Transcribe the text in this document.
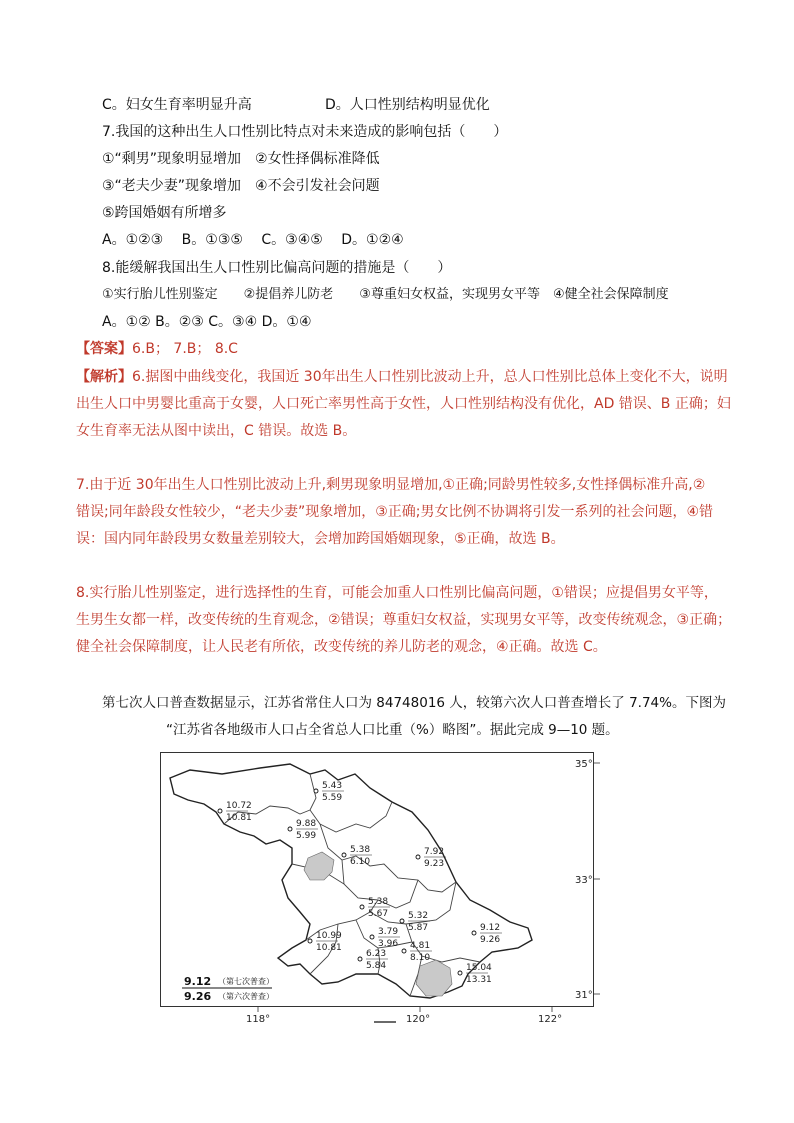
C。妇女生育率明显升高	D。人口性别结构明显优化
7.我国的这种出生人口性别比特点对未来造成的影响包括（　　）
①“剩男”现象明显增加　②女性择偶标准降低
③“老夫少妻”现象增加　④不会引发社会问题
⑤跨国婚姻有所增多
A。①②③　 B。①③⑤　 C。③④⑤　 D。①②④
8.能缓解我国出生人口性别比偏高问题的措施是（　　）
①实行胎儿性别鉴定　　②提倡养儿防老　　③尊重妇女权益，实现男女平等　④健全社会保障制度
A。①② B。②③ C。③④ D。①④
【答案】6.B； 7.B； 8.C
【解析】6.据图中曲线变化，我国近 30年出生人口性别比波动上升，总人口性别比总体上变化不大，说明
出生人口中男婴比重高于女婴，人口死亡率男性高于女性，人口性别结构没有优化，AD 错误、B 正确；妇
女生育率无法从图中读出，C 错误。故选 B。
7.由于近 30年出生人口性别比波动上升,剩男现象明显增加,①正确;同龄男性较多,女性择偶标准升高,②
错误;同年龄段女性较少，“老夫少妻”现象增加，③正确;男女比例不协调将引发一系列的社会问题，④错
误：国内同年龄段男女数量差别较大，会增加跨国婚姻现象，⑤正确，故选 B。
8.实行胎儿性别鉴定，进行选择性的生育，可能会加重人口性别比偏高问题，①错误；应提倡男女平等，
生男生女都一样，改变传统的生育观念，②错误；尊重妇女权益，实现男女平等，改变传统观念，③正确；
健全社会保障制度，让人民老有所依，改变传统的养儿防老的观念，④正确。故选 C。
第七次人口普查数据显示，江苏省常住人口为 84748016 人，较第六次人口普查增长了 7.74%。下图为
“江苏省各地级市人口占全省总人口比重（%）略图”。据此完成 9—10 题。
35°
33°
31°
118°	120°	122°
9.12 （第七次普查）
9.26 （第六次普查）
5.43
5.59
10.72
10.81
9.88
5.99
5.38
6.10
7.92
9.23
5.38
5.67 5.32
5.87	9.12
9.26
3.79
3.96
10.99
10.81
6.23
5.84
4.81
8.10
15.04
13.31
